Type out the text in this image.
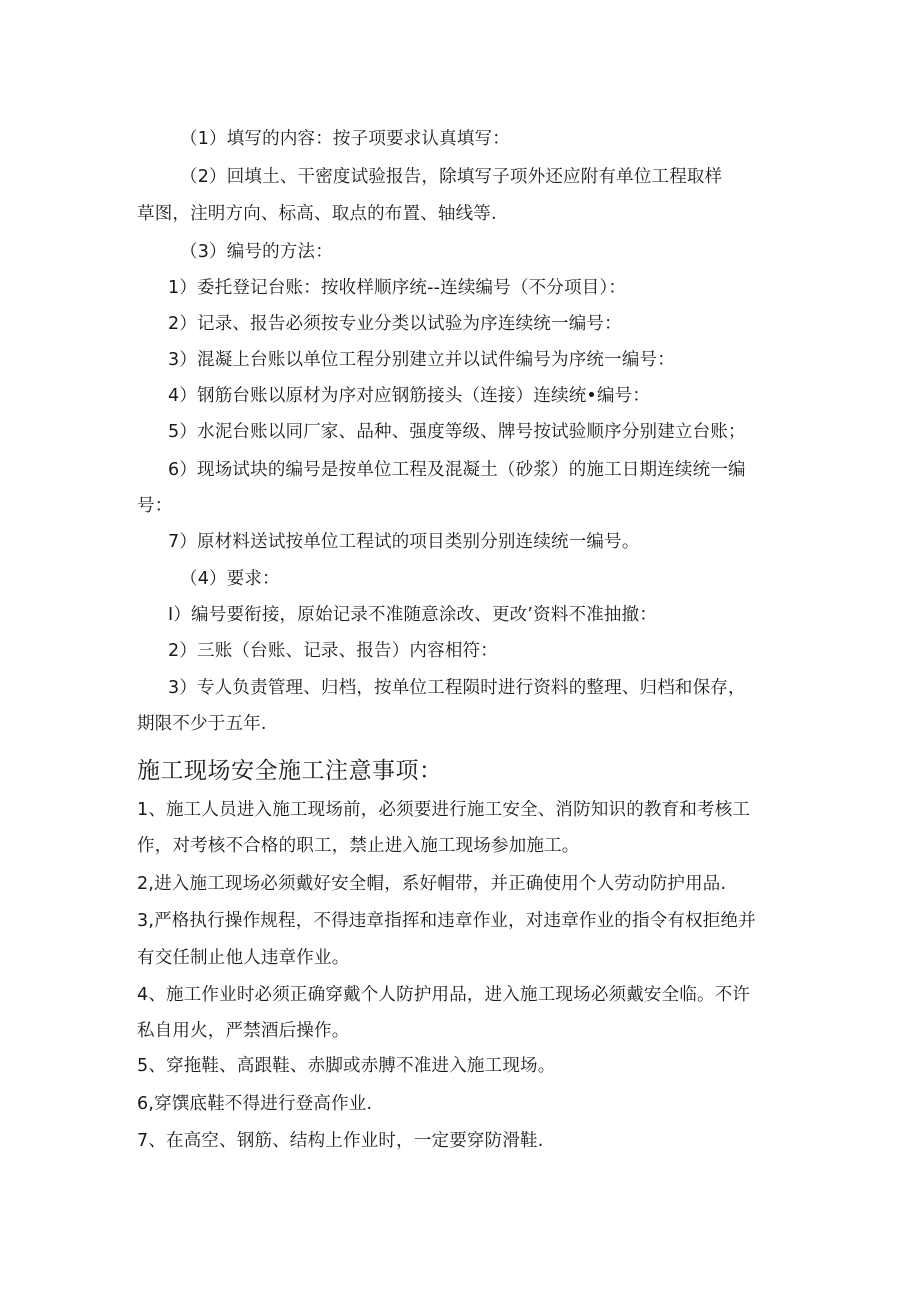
（1）填写的内容：按子项要求认真填写：
（2）回填土、干密度试验报告，除填写子项外还应附有单位工程取样
草图，注明方向、标高、取点的布置、轴线等.
（3）编号的方法：
1）委托登记台账：按收样顺序统--连续编号（不分项目）：
2）记录、报告必须按专业分类以试验为序连续统一编号：
3）混凝上台账以单位工程分别建立并以试件编号为序统一编号：
4）钢筋台账以原材为序对应钢筋接头（连接）连续统•编号：
5）水泥台账以同厂家、品种、强度等级、牌号按试验顺序分别建立台账；
6）现场试块的编号是按单位工程及混凝土（砂浆）的施工日期连续统一编
号：
7）原材料送试按单位工程试的项目类别分别连续统一编号。
（4）要求：
I）编号要衔接，原始记录不准随意涂改、更改’资料不准抽撤：
2）三账（台账、记录、报告）内容相符：
3）专人负责管理、归档，按单位工程陨时进行资料的整理、归档和保存，
期限不少于五年.
施工现场安全施工注意事项：
1、施工人员进入施工现场前，必须要进行施工安全、消防知识的教育和考核工
作，对考核不合格的职工，禁止进入施工现场参加施工。
2,进入施工现场必须戴好安全帽，系好帽带，并正确使用个人劳动防护用品.
3,严格执行操作规程，不得违章指挥和违章作业，对违章作业的指令有权拒绝并
有交任制止他人违章作业。
4、施工作业时必须正确穿戴个人防护用品，进入施工现场必须戴安全临。不许
私自用火，严禁酒后操作。
5、穿拖鞋、高跟鞋、赤脚或赤膊不准进入施工现场。
6,穿馔底鞋不得进行登高作业.
7、在高空、钢筋、结构上作业时，一定要穿防滑鞋.
